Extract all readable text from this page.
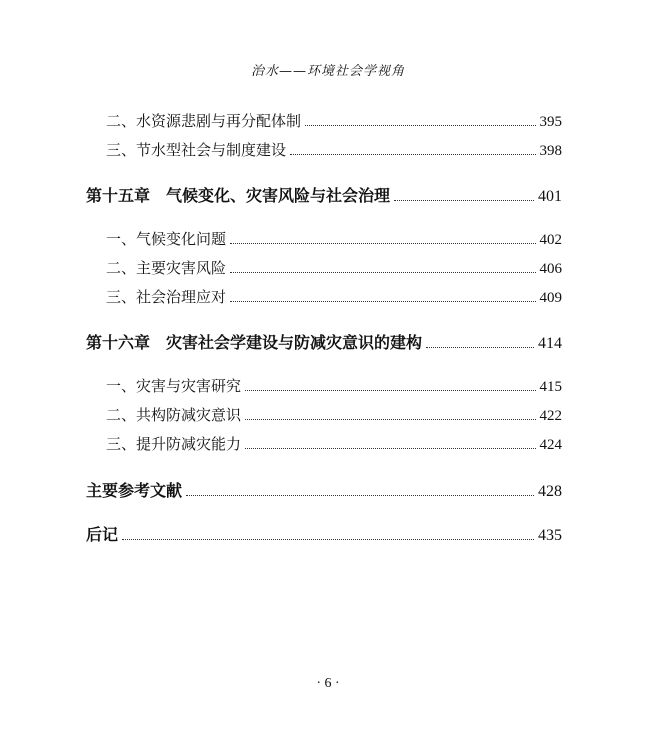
治水——环境社会学视角
二、水资源悲剧与再分配体制	395
三、节水型社会与制度建设	398
第十五章　气候变化、灾害风险与社会治理	401
一、气候变化问题	402
二、主要灾害风险	406
三、社会治理应对	409
第十六章　灾害社会学建设与防减灾意识的建构	414
一、灾害与灾害研究	415
二、共构防减灾意识	422
三、提升防减灾能力	424
主要参考文献	428
后记	435
· 6 ·
